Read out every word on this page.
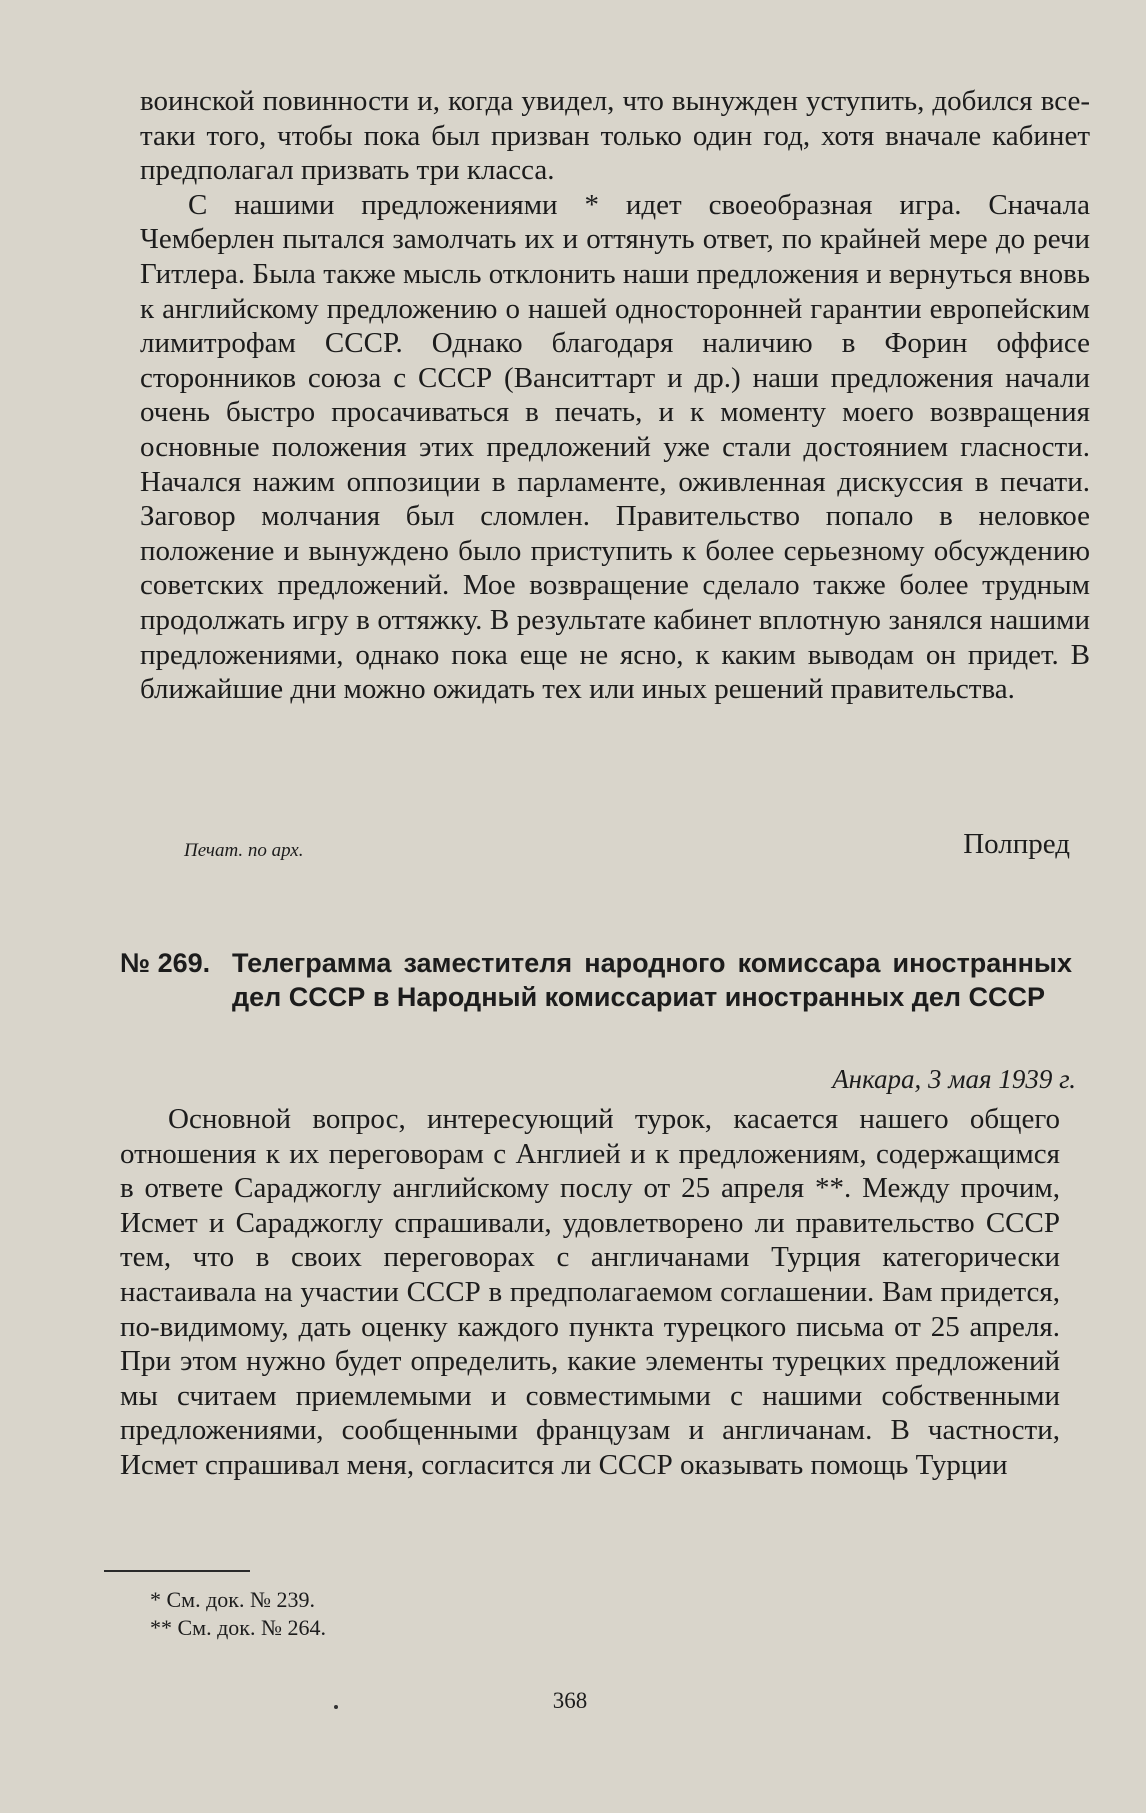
воинской повинности и, когда увидел, что вынужден уступить, добился все-таки того, чтобы пока был призван только один год, хотя вначале кабинет предполагал призвать три класса.

С нашими предложениями * идет своеобразная игра. Сначала Чемберлен пытался замолчать их и оттянуть ответ, по крайней мере до речи Гитлера. Была также мысль отклонить наши предложения и вернуться вновь к английскому предложению о нашей односторонней гарантии европейским лимитрофам СССР. Однако благодаря наличию в Форин оффисе сторонников союза с СССР (Ванситтарт и др.) наши предложения начали очень быстро просачиваться в печать, и к моменту моего возвращения основные положения этих предложений уже стали достоянием гласности. Начался нажим оппозиции в парламенте, оживленная дискуссия в печати. Заговор молчания был сломлен. Правительство попало в неловкое положение и вынуждено было приступить к более серьезному обсуждению советских предложений. Мое возвращение сделало также более трудным продолжать игру в оттяжку. В результате кабинет вплотную занялся нашими предложениями, однако пока еще не ясно, к каким выводам он придет. В ближайшие дни можно ожидать тех или иных решений правительства.

Печат. по арх.	Полпред
№ 269. Телеграмма заместителя народного комиссара иностранных дел СССР в Народный комиссариат иностранных дел СССР
Анкара, 3 мая 1939 г.

Основной вопрос, интересующий турок, касается нашего общего отношения к их переговорам с Англией и к предложениям, содержащимся в ответе Сараджоглу английскому послу от 25 апреля **. Между прочим, Исмет и Сараджоглу спрашивали, удовлетворено ли правительство СССР тем, что в своих переговорах с англичанами Турция категорически настаивала на участии СССР в предполагаемом соглашении. Вам придется, по-видимому, дать оценку каждого пункта турецкого письма от 25 апреля. При этом нужно будет определить, какие элементы турецких предложений мы считаем приемлемыми и совместимыми с нашими собственными предложениями, сообщенными французам и англичанам. В частности, Исмет спрашивал меня, согласится ли СССР оказывать помощь Турции

* См. док. № 239.
** См. док. № 264.
368
